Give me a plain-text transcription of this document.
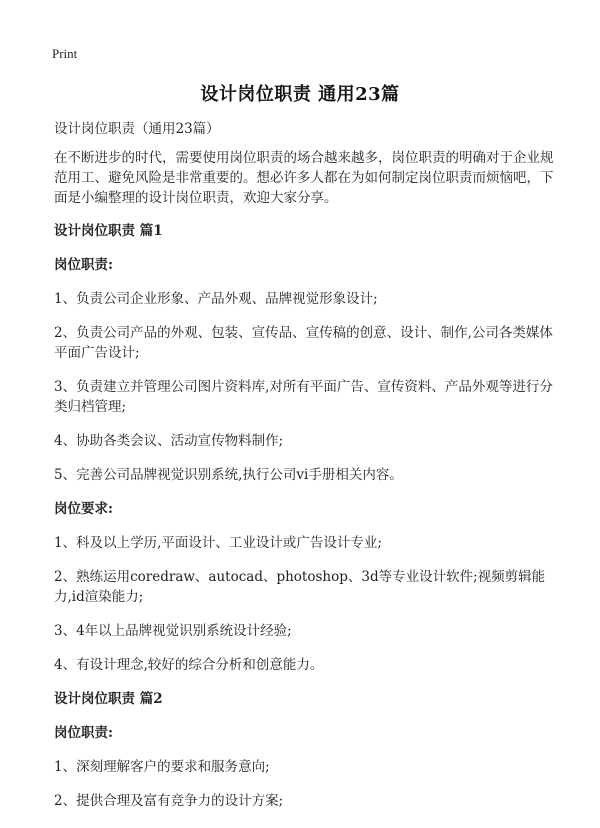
Print
设计岗位职责 通用23篇

设计岗位职责（通用23篇）

在不断进步的时代，需要使用岗位职责的场合越来越多，岗位职责的明确对于企业规范用工、避免风险是非常重要的。想必许多人都在为如何制定岗位职责而烦恼吧，下面是小编整理的设计岗位职责，欢迎大家分享。

设计岗位职责 篇1

岗位职责:

1、负责公司企业形象、产品外观、品牌视觉形象设计;

2、负责公司产品的外观、包装、宣传品、宣传稿的创意、设计、制作,公司各类媒体平面广告设计;

3、负责建立并管理公司图片资料库,对所有平面广告、宣传资料、产品外观等进行分类归档管理;

4、协助各类会议、活动宣传物料制作;

5、完善公司品牌视觉识别系统,执行公司vi手册相关内容。

岗位要求:

1、科及以上学历,平面设计、工业设计或广告设计专业;

2、熟练运用coredraw、autocad、photoshop、3d等专业设计软件;视频剪辑能力,id渲染能力;

3、4年以上品牌视觉识别系统设计经验;

4、有设计理念,较好的综合分析和创意能力。

设计岗位职责 篇2

岗位职责:

1、深刻理解客户的要求和服务意向;

2、提供合理及富有竞争力的设计方案;
